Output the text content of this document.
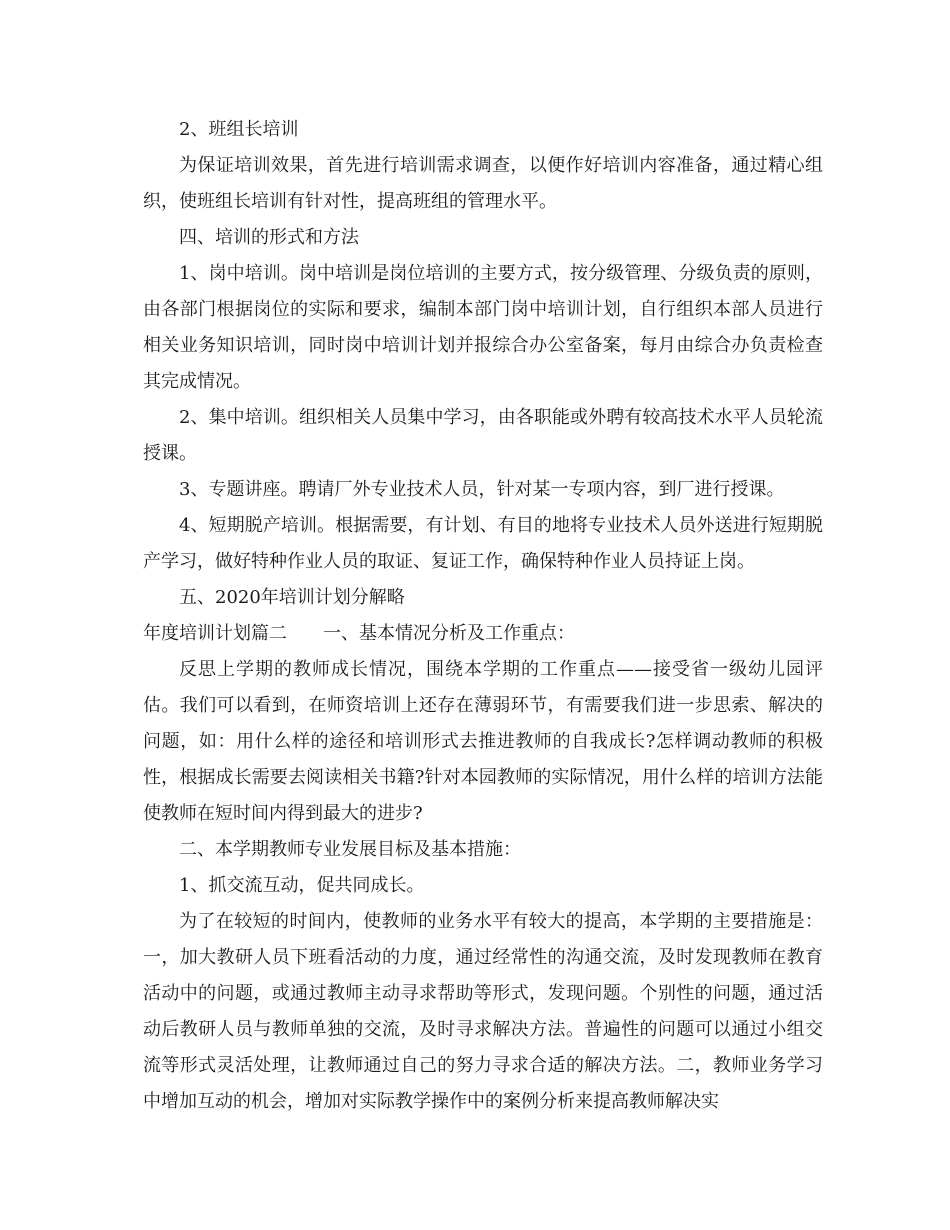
2、班组长培训

为保证培训效果，首先进行培训需求调查，以便作好培训内容准备，通过精心组织，使班组长培训有针对性，提高班组的管理水平。

四、培训的形式和方法

1、岗中培训。岗中培训是岗位培训的主要方式，按分级管理、分级负责的原则，由各部门根据岗位的实际和要求，编制本部门岗中培训计划，自行组织本部人员进行相关业务知识培训，同时岗中培训计划并报综合办公室备案，每月由综合办负责检查其完成情况。

2、集中培训。组织相关人员集中学习，由各职能或外聘有较高技术水平人员轮流授课。

3、专题讲座。聘请厂外专业技术人员，针对某一专项内容，到厂进行授课。

4、短期脱产培训。根据需要，有计划、有目的地将专业技术人员外送进行短期脱产学习，做好特种作业人员的取证、复证工作，确保特种作业人员持证上岗。

五、2020年培训计划分解略

年度培训计划篇二	一、基本情况分析及工作重点：

反思上学期的教师成长情况，围绕本学期的工作重点——接受省一级幼儿园评估。我们可以看到，在师资培训上还存在薄弱环节，有需要我们进一步思索、解决的问题，如：用什么样的途径和培训形式去推进教师的自我成长?怎样调动教师的积极性，根据成长需要去阅读相关书籍?针对本园教师的实际情况，用什么样的培训方法能使教师在短时间内得到最大的进步?

二、本学期教师专业发展目标及基本措施：

1、抓交流互动，促共同成长。

为了在较短的时间内，使教师的业务水平有较大的提高，本学期的主要措施是：一，加大教研人员下班看活动的力度，通过经常性的沟通交流，及时发现教师在教育活动中的问题，或通过教师主动寻求帮助等形式，发现问题。个别性的问题，通过活动后教研人员与教师单独的交流，及时寻求解决方法。普遍性的问题可以通过小组交流等形式灵活处理，让教师通过自己的努力寻求合适的解决方法。二，教师业务学习中增加互动的机会，增加对实际教学操作中的案例分析来提高教师解决实
